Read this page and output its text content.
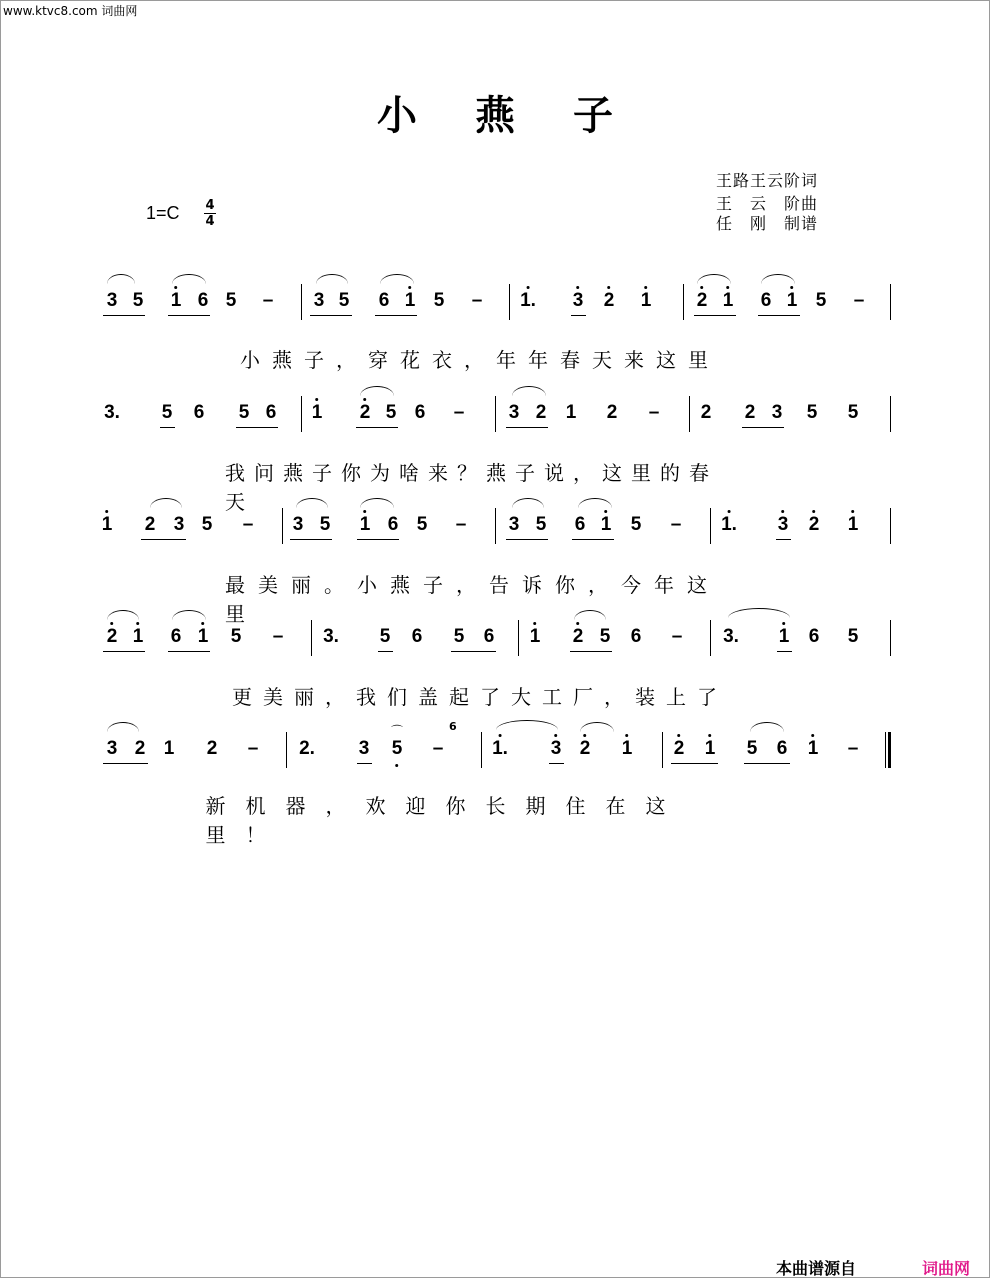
www.ktvc8.com 词曲网
小燕子
王路王云阶词
王　云　阶曲
任　刚　制谱
1=C 4
4
3 5 1 6 5 – 3 5 6 1 5 – 1. 3 2 1 2 1 6 1 5 –
3. 5 6 5 6 1 2 5 6 – 3 2 1 2 – 2 2 3 5 5
1 2 3 5 – 3 5 1 6 5 – 3 5 6 1 5 – 1. 3 2 1
2 1 6 1 5 – 3. 5 6 5 6 1 2 5 6 – 3. 1 6 5
3 2 1 2 – 2. 3
⌒
5 –
6
1. 3 2 1 2 1 5 6 1 –
小燕子，穿花衣，年年春天来这里
我问燕子你为啥来？燕子说，这里的春天
最美丽。小燕子，告诉你，今年这里
更美丽，我们盖起了大工厂，装上了
新机器，欢迎你长期住在这里！
本曲谱源自	词曲网
